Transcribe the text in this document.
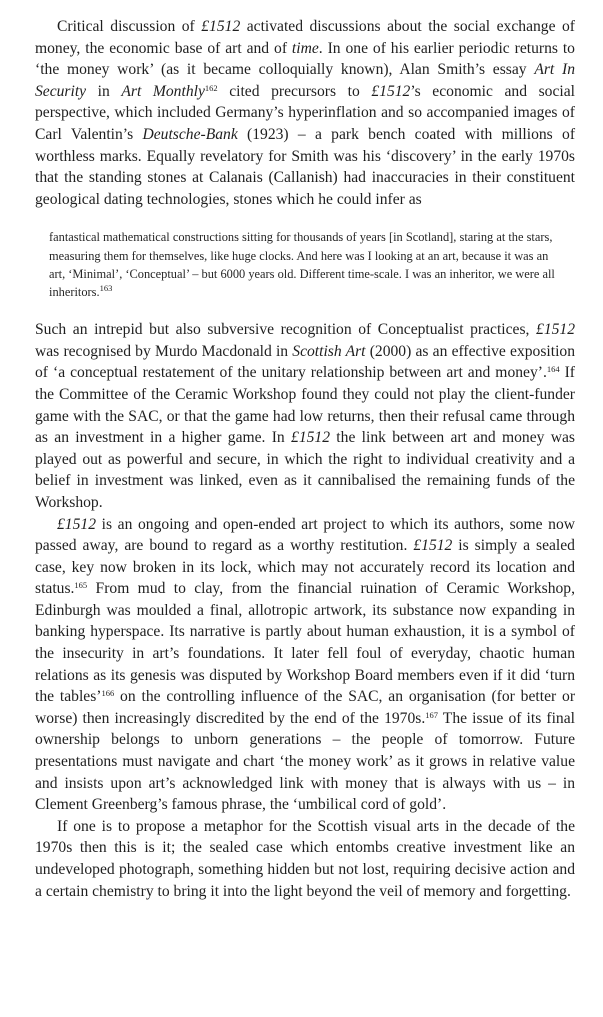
Critical discussion of £1512 activated discussions about the social exchange of money, the economic base of art and of time. In one of his earlier periodic returns to ‘the money work’ (as it became colloquially known), Alan Smith’s essay Art In Security in Art Monthly$^{162}$ cited precursors to £1512’s economic and social perspective, which included Germany’s hyperinflation and so accompanied images of Carl Valentin’s Deutsche-Bank (1923) – a park bench coated with millions of worthless marks. Equally revelatory for Smith was his ‘discovery’ in the early 1970s that the standing stones at Calanais (Callanish) had inaccuracies in their constituent geological dating technologies, stones which he could infer as

fantastical mathematical constructions sitting for thousands of years [in Scotland], staring at the stars, measuring them for themselves, like huge clocks. And here was I looking at an art, because it was an art, ‘Minimal’, ‘Conceptual’ – but 6000 years old. Different time-scale. I was an inheritor, we were all inheritors.$^{163}$

Such an intrepid but also subversive recognition of Conceptualist practices, £1512 was recognised by Murdo Macdonald in Scottish Art (2000) as an effective exposition of ‘a conceptual restatement of the unitary relationship between art and money’.$^{164}$ If the Committee of the Ceramic Workshop found they could not play the client-funder game with the SAC, or that the game had low returns, then their refusal came through as an investment in a higher game. In £1512 the link between art and money was played out as powerful and secure, in which the right to individual creativity and a belief in investment was linked, even as it cannibalised the remaining funds of the Workshop.

£1512 is an ongoing and open-ended art project to which its authors, some now passed away, are bound to regard as a worthy restitution. £1512 is simply a sealed case, key now broken in its lock, which may not accurately record its location and status.$^{165}$ From mud to clay, from the financial ruination of Ceramic Workshop, Edinburgh was moulded a final, allotropic artwork, its substance now expanding in banking hyperspace. Its narrative is partly about human exhaustion, it is a symbol of the insecurity in art’s foundations. It later fell foul of everyday, chaotic human relations as its genesis was disputed by Workshop Board members even if it did ‘turn the tables’$^{166}$ on the controlling influence of the SAC, an organisation (for better or worse) then increasingly discredited by the end of the 1970s.$^{167}$ The issue of its final ownership belongs to unborn generations – the people of tomorrow. Future presentations must navigate and chart ‘the money work’ as it grows in relative value and insists upon art’s acknowledged link with money that is always with us – in Clement Greenberg’s famous phrase, the ‘umbilical cord of gold’.

If one is to propose a metaphor for the Scottish visual arts in the decade of the 1970s then this is it; the sealed case which entombs creative investment like an undeveloped photograph, something hidden but not lost, requiring decisive action and a certain chemistry to bring it into the light beyond the veil of memory and forgetting.
